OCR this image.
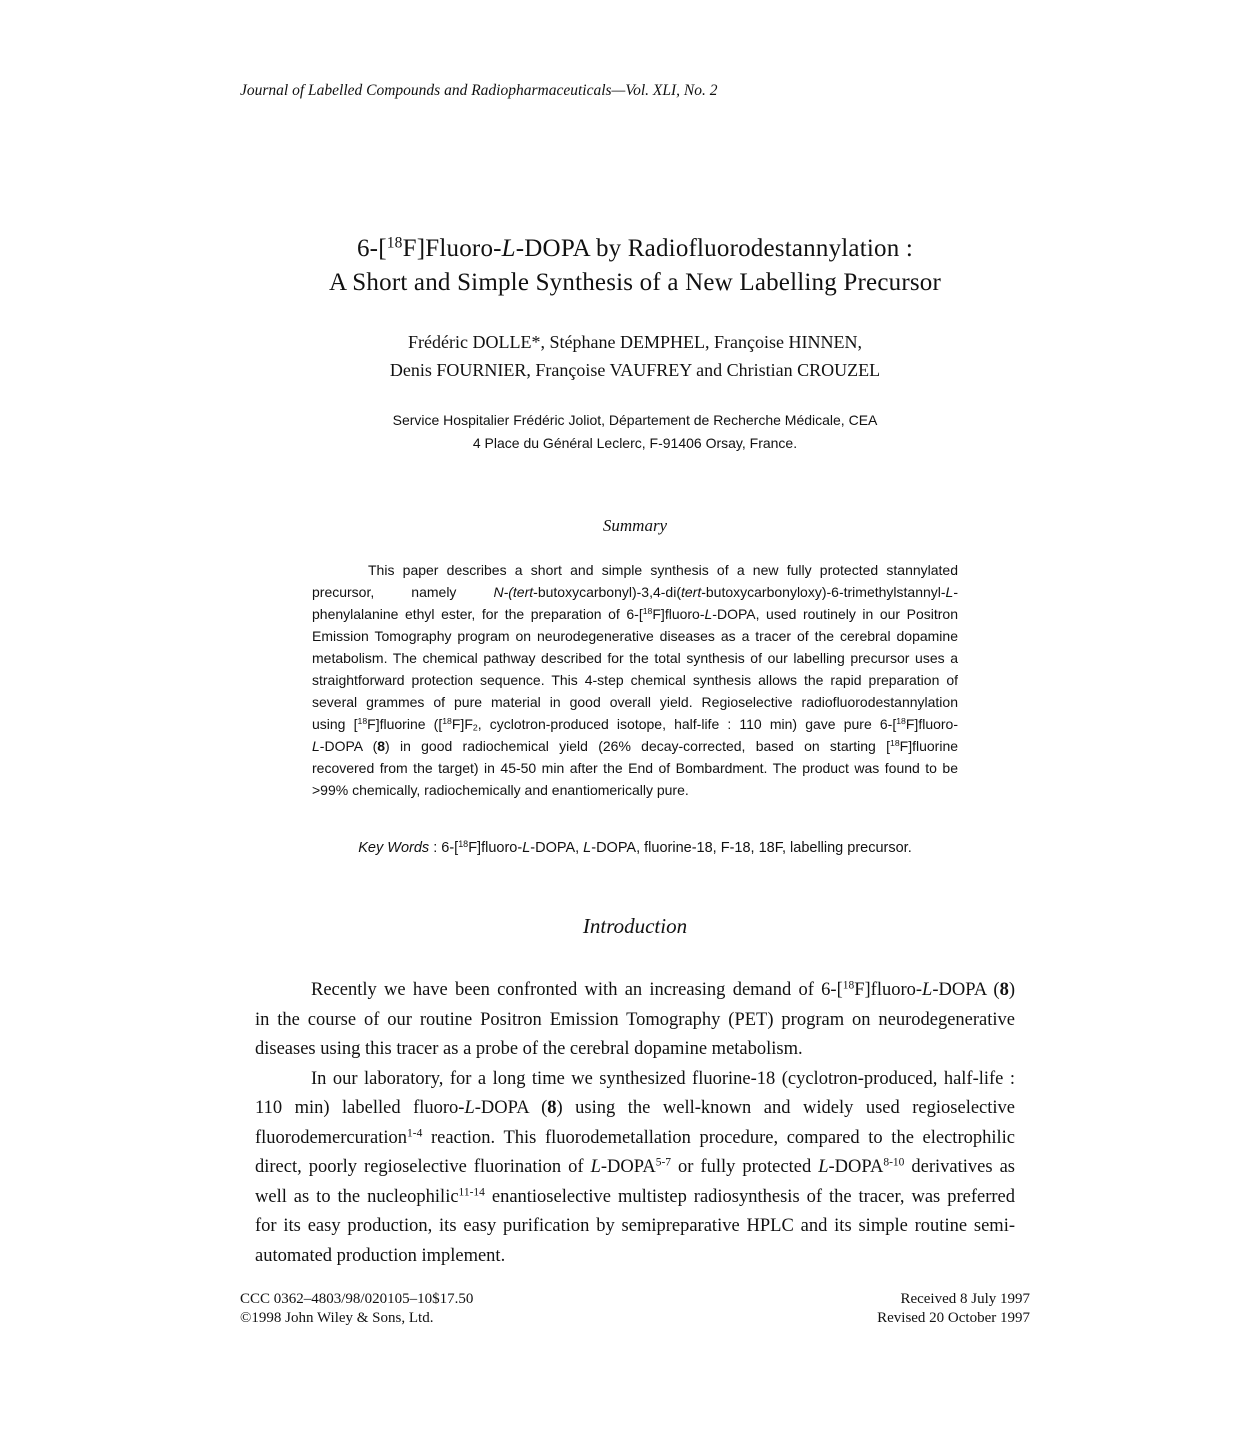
Journal of Labelled Compounds and Radiopharmaceuticals—Vol. XLI, No. 2
6-[$^{18}$F]Fluoro-L-DOPA by Radiofluorodestannylation :
A Short and Simple Synthesis of a New Labelling Precursor
Frédéric DOLLE*, Stéphane DEMPHEL, Françoise HINNEN,
Denis FOURNIER, Françoise VAUFREY and Christian CROUZEL
Service Hospitalier Frédéric Joliot, Département de Recherche Médicale, CEA
4 Place du Général Leclerc, F-91406 Orsay, France.
Summary
This paper describes a short and simple synthesis of a new fully protected stannylated
precursor,	namely	N-(tert-butoxycarbonyl)-3,4-di(tert-butoxycarbonyloxy)-6-trimethylstannyl-L-
phenylalanine ethyl ester, for the preparation of 6-[$^{18}$F]fluoro-L-DOPA, used routinely in our Positron
Emission Tomography program on neurodegenerative diseases as a tracer of the cerebral dopamine
metabolism. The chemical pathway described for the total synthesis of our labelling precursor uses a
straightforward protection sequence. This 4-step chemical synthesis allows the rapid preparation of
several grammes of pure material in good overall yield. Regioselective radiofluorodestannylation
using [$^{18}$F]fluorine ($[^{18}F]F_2$, cyclotron-produced isotope, half-life : 110 min) gave pure 6-[$^{18}$F]fluoro-
L-DOPA (8) in good radiochemical yield (26% decay-corrected, based on starting [$^{18}$F]fluorine
recovered from the target) in 45-50 min after the End of Bombardment. The product was found to be
>99% chemically, radiochemically and enantiomerically pure.
Key Words : 6-[$^{18}$F]fluoro-L-DOPA, L-DOPA, fluorine-18, F-18, 18F, labelling precursor.
Introduction

Recently we have been confronted with an increasing demand of 6-[$^{18}$F]fluoro-L-DOPA (8)
in the course of our routine Positron Emission Tomography (PET) program on neurodegenerative
diseases using this tracer as a probe of the cerebral dopamine metabolism.

In our laboratory, for a long time we synthesized fluorine-18 (cyclotron-produced, half-life :
110 min) labelled fluoro-L-DOPA (8) using the well-known and widely used regioselective
fluorodemercuration$^{1-4}$ reaction. This fluorodemetallation procedure, compared to the electrophilic
direct, poorly regioselective fluorination of L-DOPA$^{5-7}$ or fully protected L-DOPA$^{8-10}$ derivatives as
well as to the nucleophilic$^{11-14}$ enantioselective multistep radiosynthesis of the tracer, was preferred
for its easy production, its easy purification by semipreparative HPLC and its simple routine semi-
automated production implement.

CCC 0362–4803/98/020105–10$17.50
©1998 John Wiley & Sons, Ltd.
Received 8 July 1997
Revised 20 October 1997
